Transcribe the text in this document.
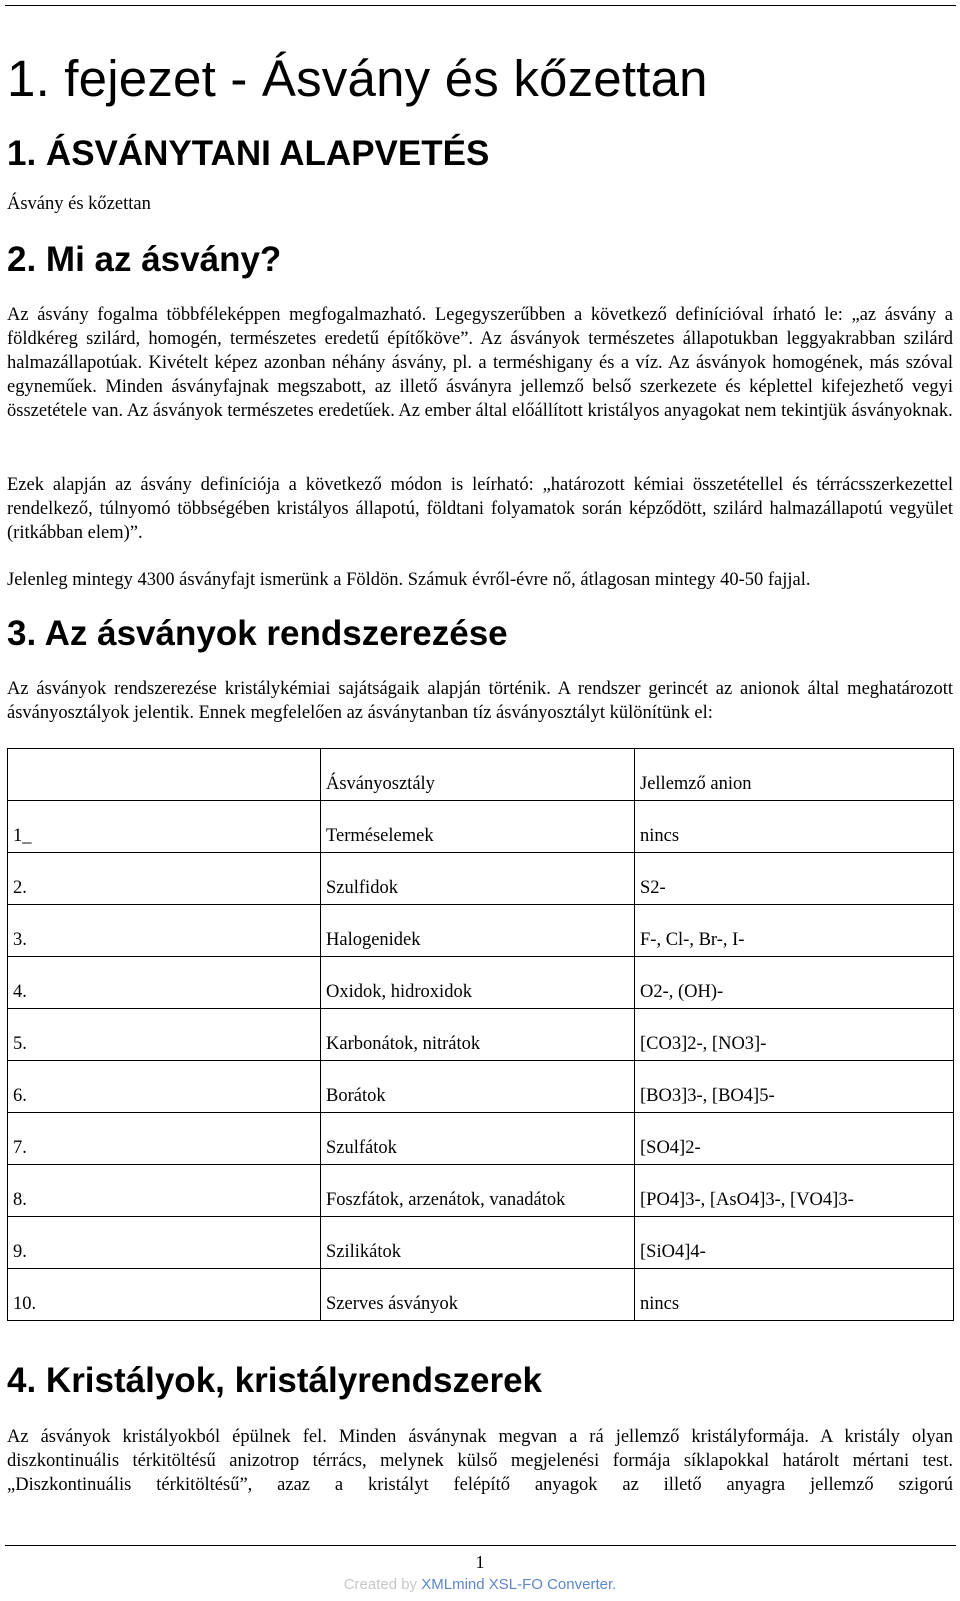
1. fejezet - Ásvány és kőzettan
1. ÁSVÁNYTANI ALAPVETÉS
Ásvány és kőzettan
2. Mi az ásvány?

Az ásvány fogalma többféleképpen megfogalmazható. Legegyszerűbben a következő definícióval írható le: „az ásvány a földkéreg szilárd, homogén, természetes eredetű építőköve”. Az ásványok természetes állapotukban leggyakrabban szilárd halmazállapotúak. Kivételt képez azonban néhány ásvány, pl. a terméshigany és a víz. Az ásványok homogének, más szóval egyneműek. Minden ásványfajnak megszabott, az illető ásványra jellemző belső szerkezete és képlettel kifejezhető vegyi összetétele van. Az ásványok természetes eredetűek. Az ember által előállított kristályos anyagokat nem tekintjük ásványoknak.

Ezek alapján az ásvány definíciója a következő módon is leírható: „határozott kémiai összetétellel és térrácsszerkezettel rendelkező, túlnyomó többségében kristályos állapotú, földtani folyamatok során képződött, szilárd halmazállapotú vegyület (ritkábban elem)”.

Jelenleg mintegy 4300 ásványfajt ismerünk a Földön. Számuk évről-évre nő, átlagosan mintegy 40-50 fajjal.

3. Az ásványok rendszerezése

Az ásványok rendszerezése kristálykémiai sajátságaik alapján történik. A rendszer gerincét az anionok által meghatározott ásványosztályok jelentik. Ennek megfelelően az ásványtanban tíz ásványosztályt különítünk el:

	Ásványosztály	Jellemző anion
1_	Terméselemek	nincs
2.	Szulfidok	S2-
3.	Halogenidek	F-, Cl-, Br-, I-
4.	Oxidok, hidroxidok	O2-, (OH)-
5.	Karbonátok, nitrátok	[CO3]2-, [NO3]-
6.	Borátok	[BO3]3-, [BO4]5-
7.	Szulfátok	[SO4]2-
8.	Foszfátok, arzenátok, vanadátok	[PO4]3-, [AsO4]3-, [VO4]3-
9.	Szilikátok	[SiO4]4-
10.	Szerves ásványok	nincs
4. Kristályok, kristályrendszerek

Az ásványok kristályokból épülnek fel. Minden ásványnak megvan a rá jellemző kristályformája. A kristály olyan diszkontinuális térkitöltésű anizotrop térrács, melynek külső megjelenési formája síklapokkal határolt mértani test. „Diszkontinuális térkitöltésű”, azaz a kristályt felépítő anyagok az illető anyagra jellemző szigorú

1
Created by XMLmind XSL-FO Converter.
